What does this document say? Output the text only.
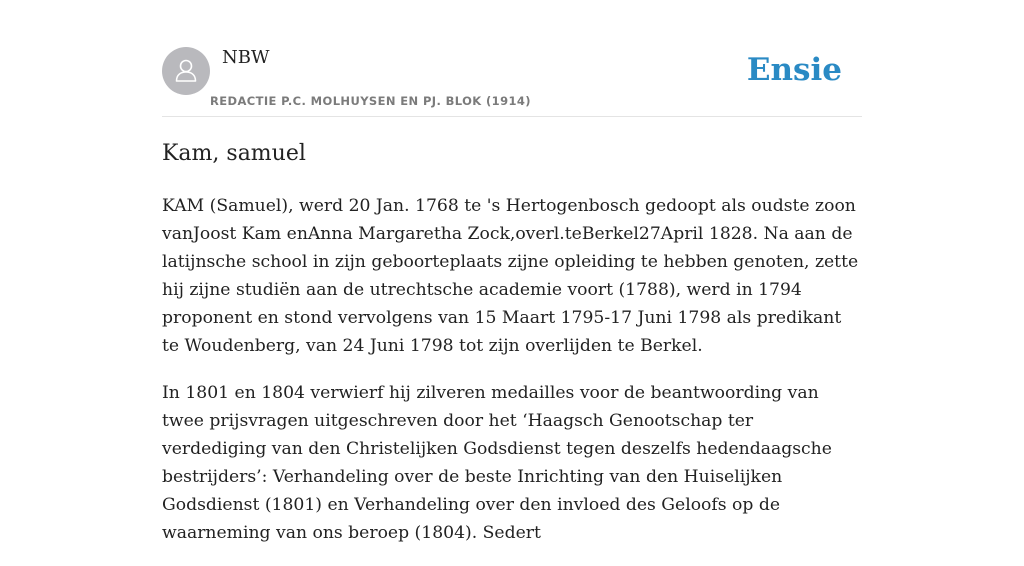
NBW
REDACTIE P.C. MOLHUYSEN EN PJ. BLOK (1914)
Ensie
Kam, samuel

KAM (Samuel), werd 20 Jan. 1768 te 's Hertogenbosch gedoopt als oudste zoon vanJoost Kam enAnna Margaretha Zock,overl.teBerkel27April 1828. Na aan de latijnsche school in zijn geboorteplaats zijne opleiding te hebben genoten, zette hij zijne studiën aan de utrechtsche academie voort (1788), werd in 1794 proponent en stond vervolgens van 15 Maart 1795-17 Juni 1798 als predikant te Woudenberg, van 24 Juni 1798 tot zijn overlijden te Berkel.

In 1801 en 1804 verwierf hij zilveren medailles voor de beantwoording van twee prijsvragen uitgeschreven door het ‘Haagsch Genootschap ter verdediging van den Christelijken Godsdienst tegen deszelfs hedendaagsche bestrijders’: Verhandeling over de beste Inrichting van den Huiselijken Godsdienst (1801) en Verhandeling over den invloed des Geloofs op de waarneming van ons beroep (1804). Sedert
